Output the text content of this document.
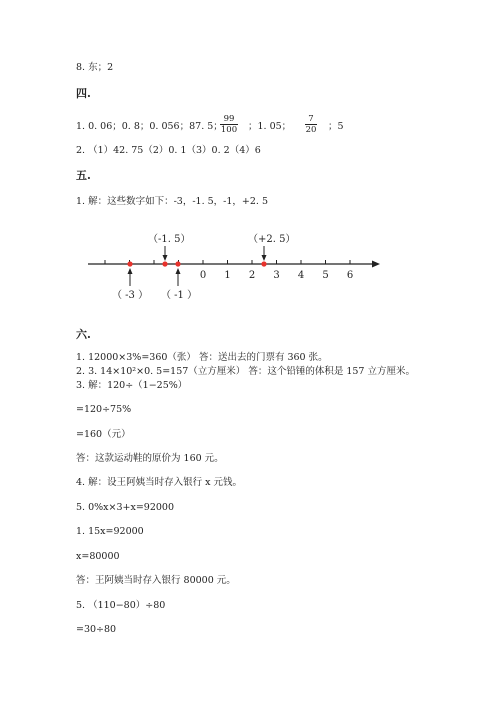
8. 东；2
四.
1. 0. 06；0. 8；0. 056；87. 5；
99
100	；1. 05；
7
20 ；5
2. （1）42. 75（2）0. 1（3）0. 2（4）6
五.
1. 解：这些数字如下：-3，-1. 5，-1，+2. 5
0 1 2 3 4 5 6
（-1. 5）	（+2. 5）
（ -3 ） （ -1 ）
六.
1. 12000×3%=360（张） 答：送出去的门票有 360 张。
2. 3. 14×10²×0. 5=157（立方厘米） 答：这个铅锤的体积是 157 立方厘米。
3. 解：120÷（1−25%）
=120÷75%
=160（元）
答：这款运动鞋的原价为 160 元。
4. 解：设王阿姨当时存入银行 x 元钱。
5. 0%x×3+x=92000
1. 15x=92000
x=80000
答：王阿姨当时存入银行 80000 元。
5. （110−80）÷80
=30÷80
